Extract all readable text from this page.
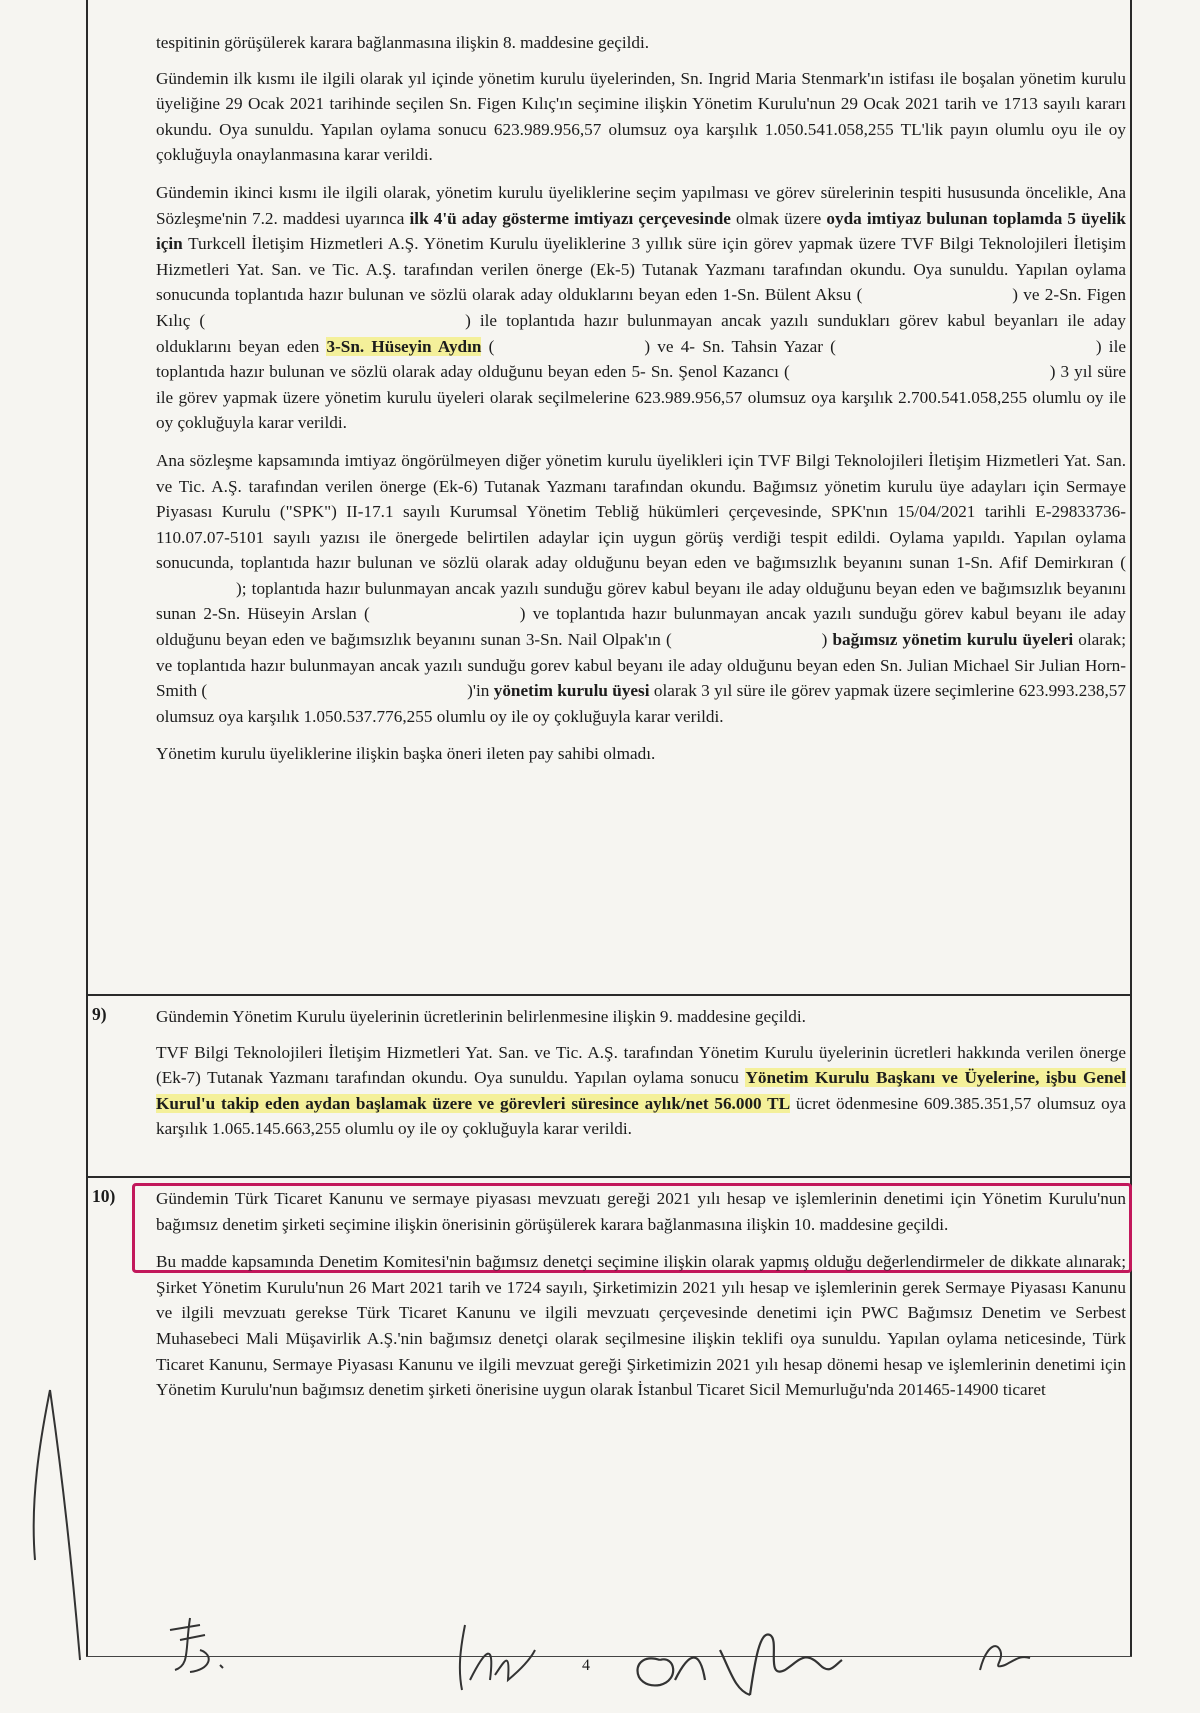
tespitinin görüşülerek karara bağlanmasına ilişkin 8. maddesine geçildi.

Gündemin ilk kısmı ile ilgili olarak yıl içinde yönetim kurulu üyelerinden, Sn. Ingrid Maria Stenmark'ın istifası ile boşalan yönetim kurulu üyeliğine 29 Ocak 2021 tarihinde seçilen Sn. Figen Kılıç'ın seçimine ilişkin Yönetim Kurulu'nun 29 Ocak 2021 tarih ve 1713 sayılı kararı okundu. Oya sunuldu. Yapılan oylama sonucu 623.989.956,57 olumsuz oya karşılık 1.050.541.058,255 TL'lik payın olumlu oyu ile oy çokluğuyla onaylanmasına karar verildi.

Gündemin ikinci kısmı ile ilgili olarak, yönetim kurulu üyeliklerine seçim yapılması ve görev sürelerinin tespiti hususunda öncelikle, Ana Sözleşme'nin 7.2. maddesi uyarınca ilk 4'ü aday gösterme imtiyazı çerçevesinde olmak üzere oyda imtiyaz bulunan toplamda 5 üyelik için Turkcell İletişim Hizmetleri A.Ş. Yönetim Kurulu üyeliklerine 3 yıllık süre için görev yapmak üzere TVF Bilgi Teknolojileri İletişim Hizmetleri Yat. San. ve Tic. A.Ş. tarafından verilen önerge (Ek-5) Tutanak Yazmanı tarafından okundu. Oya sunuldu. Yapılan oylama sonucunda toplantıda hazır bulunan ve sözlü olarak aday olduklarını beyan eden 1-Sn. Bülent Aksu (	) ve 2-Sn. Figen Kılıç (	) ile toplantıda hazır bulunmayan ancak yazılı sundukları görev kabul beyanları ile aday olduklarını beyan eden 3-Sn. Hüseyin Aydın (	) ve 4- Sn. Tahsin Yazar (	) ile toplantıda hazır bulunan ve sözlü olarak aday olduğunu beyan eden 5- Sn. Şenol Kazancı (	) 3 yıl süre ile görev yapmak üzere yönetim kurulu üyeleri olarak seçilmelerine 623.989.956,57 olumsuz oya karşılık 2.700.541.058,255 olumlu oy ile oy çokluğuyla karar verildi.

Ana sözleşme kapsamında imtiyaz öngörülmeyen diğer yönetim kurulu üyelikleri için TVF Bilgi Teknolojileri İletişim Hizmetleri Yat. San. ve Tic. A.Ş. tarafından verilen önerge (Ek-6) Tutanak Yazmanı tarafından okundu. Bağımsız yönetim kurulu üye adayları için Sermaye Piyasası Kurulu ("SPK") II-17.1 sayılı Kurumsal Yönetim Tebliğ hükümleri çerçevesinde, SPK'nın 15/04/2021 tarihli E-29833736-110.07.07-5101 sayılı yazısı ile önergede belirtilen adaylar için uygun görüş verdiği tespit edildi. Oylama yapıldı. Yapılan oylama sonucunda, toplantıda hazır bulunan ve sözlü olarak aday olduğunu beyan eden ve bağımsızlık beyanını sunan 1-Sn. Afif Demirkıran (); toplantıda hazır bulunmayan ancak yazılı sunduğu görev kabul beyanı ile aday olduğunu beyan eden ve bağımsızlık beyanını sunan 2-Sn. Hüseyin Arslan (	) ve toplantıda hazır bulunmayan ancak yazılı sunduğu görev kabul beyanı ile aday olduğunu beyan eden ve bağımsızlık beyanını sunan 3-Sn. Nail Olpak'ın (	) bağımsız yönetim kurulu üyeleri olarak; ve toplantıda hazır bulunmayan ancak yazılı sunduğu gorev kabul beyanı ile aday olduğunu beyan eden Sn. Julian Michael Sir Julian Horn-Smith (	)'in yönetim kurulu üyesi olarak 3 yıl süre ile görev yapmak üzere seçimlerine 623.993.238,57 olumsuz oya karşılık 1.050.537.776,255 olumlu oy ile oy çokluğuyla karar verildi.

Yönetim kurulu üyeliklerine ilişkin başka öneri ileten pay sahibi olmadı.

9)	Gündemin Yönetim Kurulu üyelerinin ücretlerinin belirlenmesine ilişkin 9. maddesine geçildi.

TVF Bilgi Teknolojileri İletişim Hizmetleri Yat. San. ve Tic. A.Ş. tarafından Yönetim Kurulu üyelerinin ücretleri hakkında verilen önerge (Ek-7) Tutanak Yazmanı tarafından okundu. Oya sunuldu. Yapılan oylama sonucu Yönetim Kurulu Başkanı ve Üyelerine, işbu Genel Kurul'u takip eden aydan başlamak üzere ve görevleri süresince aylık/net 56.000 TL ücret ödenmesine 609.385.351,57 olumsuz oya karşılık 1.065.145.663,255 olumlu oy ile oy çokluğuyla karar verildi.

10) Gündemin Türk Ticaret Kanunu ve sermaye piyasası mevzuatı gereği 2021 yılı hesap ve işlemlerinin denetimi için Yönetim Kurulu'nun bağımsız denetim şirketi seçimine ilişkin önerisinin görüşülerek karara bağlanmasına ilişkin 10. maddesine geçildi.

Bu madde kapsamında Denetim Komitesi'nin bağımsız denetçi seçimine ilişkin olarak yapmış olduğu değerlendirmeler de dikkate alınarak; Şirket Yönetim Kurulu'nun 26 Mart 2021 tarih ve 1724 sayılı, Şirketimizin 2021 yılı hesap ve işlemlerinin gerek Sermaye Piyasası Kanunu ve ilgili mevzuatı gerekse Türk Ticaret Kanunu ve ilgili mevzuatı çerçevesinde denetimi için PWC Bağımsız Denetim ve Serbest Muhasebeci Mali Müşavirlik A.Ş.'nin bağımsız denetçi olarak seçilmesine ilişkin teklifi oya sunuldu. Yapılan oylama neticesinde, Türk Ticaret Kanunu, Sermaye Piyasası Kanunu ve ilgili mevzuat gereği Şirketimizin 2021 yılı hesap dönemi hesap ve işlemlerinin denetimi için Yönetim Kurulu'nun bağımsız denetim şirketi önerisine uygun olarak İstanbul Ticaret Sicil Memurluğu'nda 201465-14900 ticaret

4
